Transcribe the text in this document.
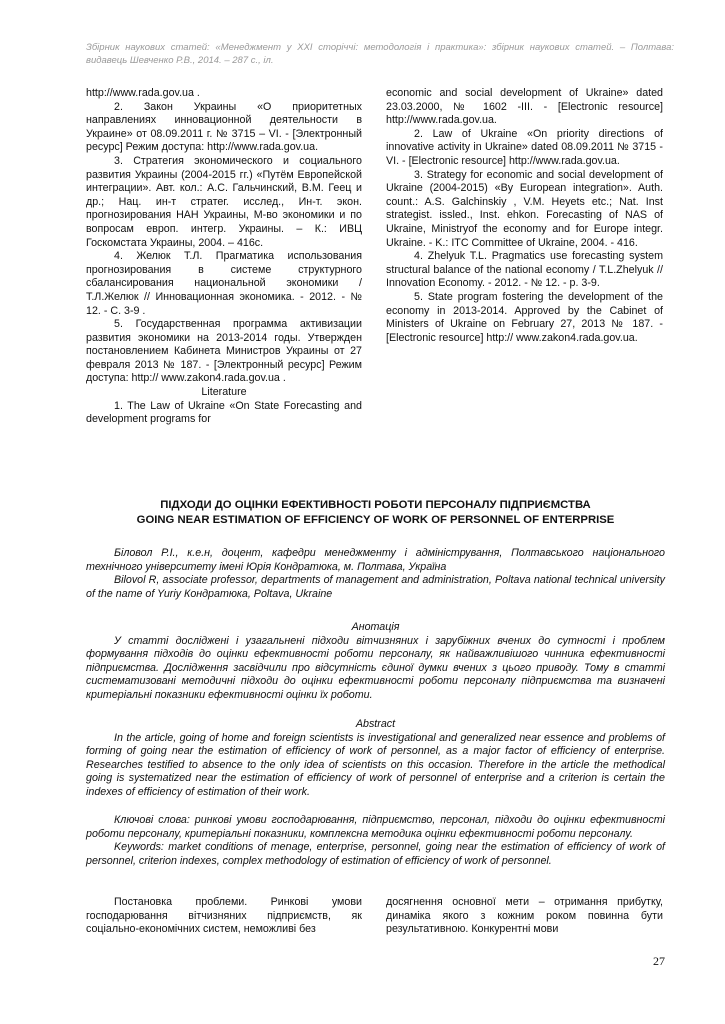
Збірник наукових статей: «Менеджмент у XXI сторіччі: методологія і практика»: збірник наукових статей. – Полтава: видавець Шевченко Р.В., 2014. – 287 с., іл.

http://www.rada.gov.ua .

2. Закон Украины «О приоритетных направлениях инновационной деятельности в Украине» от 08.09.2011 г. № 3715 – VI. - [Электронный ресурс] Режим доступа: http://www.rada.gov.ua.

3. Стратегия экономического и социального развития Украины (2004-2015 гг.) «Путём Европейской интеграции». Авт. кол.: А.С. Гальчинский, В.М. Геец и др.; Нац. ин-т стратег. исслед., Ин-т. экон. прогнозирования НАН Украины, М-во экономики и по вопросам европ. интегр. Украины. – К.: ИВЦ Госкомстата Украины, 2004. – 416с.

4. Желюк Т.Л. Прагматика использования прогнозирования в системе структурного сбалансирования национальной экономики / Т.Л.Желюк // Инновационная экономика. - 2012. - № 12. - С. 3-9 .

5. Государственная программа активизации развития экономики на 2013-2014 годы. Утвержден постановлением Кабинета Министров Украины от 27 февраля 2013 № 187. - [Электронный ресурс] Режим доступа: http:// www.zakon4.rada.gov.ua .

Literature

1. The Law of Ukraine «On State Forecasting and development programs for

economic and social development of Ukraine» dated 23.03.2000, № 1602 -III. - [Electronic resource] http://www.rada.gov.ua.

2. Law of Ukraine «On priority directions of innovative activity in Ukraine» dated 08.09.2011 № 3715 - VI. - [Electronic resource] http://www.rada.gov.ua.

3. Strategy for economic and social development of Ukraine (2004-2015) «By European integration». Auth. count.: A.S. Galchinskiy , V.M. Heyets etc.; Nat. Inst strategist. issled., Inst. ehkon. Forecasting of NAS of Ukraine, Ministryof the economy and for Europe integr. Ukraine. - K.: ITC Committee of Ukraine, 2004. - 416.

4. Zhelyuk T.L. Pragmatics use forecasting system structural balance of the national economy / T.L.Zhelyuk // Innovation Economy. - 2012. - № 12. - p. 3-9.

5. State program fostering the development of the economy in 2013-2014. Approved by the Cabinet of Ministers of Ukraine on February 27, 2013 № 187. - [Electronic resource] http:// www.zakon4.rada.gov.ua.

ПІДХОДИ ДО ОЦІНКИ ЕФЕКТИВНОСТІ РОБОТИ ПЕРСОНАЛУ ПІДПРИЄМСТВА
GOING NEAR ESTIMATION OF EFFICIENCY OF WORK OF PERSONNEL OF ENTERPRISE

Біловол Р.І., к.е.н, доцент, кафедри менеджменту і адміністрування, Полтавського національного технічного університету імені Юрія Кондратюка, м. Полтава, Україна

Bilovol R, associate professor, departments of management and administration, Poltava national technical university of the name of Yuriy Кондратюка, Poltava, Ukraine

Анотація

У статті досліджені і узагальнені підходи вітчизняних і зарубіжних вчених до сутності і проблем формування підходів до оцінки ефективності роботи персоналу, як найважливішого чинника ефективності підприємства. Дослідження засвідчили про відсутність єдиної думки вчених з цього приводу. Тому в статті систематизовані методичні підходи до оцінки ефективності роботи персоналу підприємства та визначені критеріальні показники ефективності оцінки їх роботи.

Abstract

In the article, going of home and foreign scientists is investigational and generalized near essence and problems of forming of going near the estimation of efficiency of work of personnel, as a major factor of efficiency of enterprise. Researches testified to absence to the only idea of scientists on this occasion. Therefore in the article the methodical going is systematized near the estimation of efficiency of work of personnel of enterprise and a criterion is certain the indexes of efficiency of estimation of their work.

Ключові слова: ринкові умови господарювання, підприємство, персонал, підходи до оцінки ефективності роботи персоналу, критеріальні показники, комплексна методика оцінки ефективності роботи персоналу.

Keywords: market conditions of menage, enterprise, personnel, going near the estimation of efficiency of work of personnel, criterion indexes, complex methodology of estimation of efficiency of work of personnel.

Постановка проблеми. Ринкові умови господарювання вітчизняних підприємств, як соціально-економічних систем, неможливі без

досягнення основної мети – отримання прибутку, динаміка якого з кожним роком повинна бути результативною. Конкурентні мови

27
